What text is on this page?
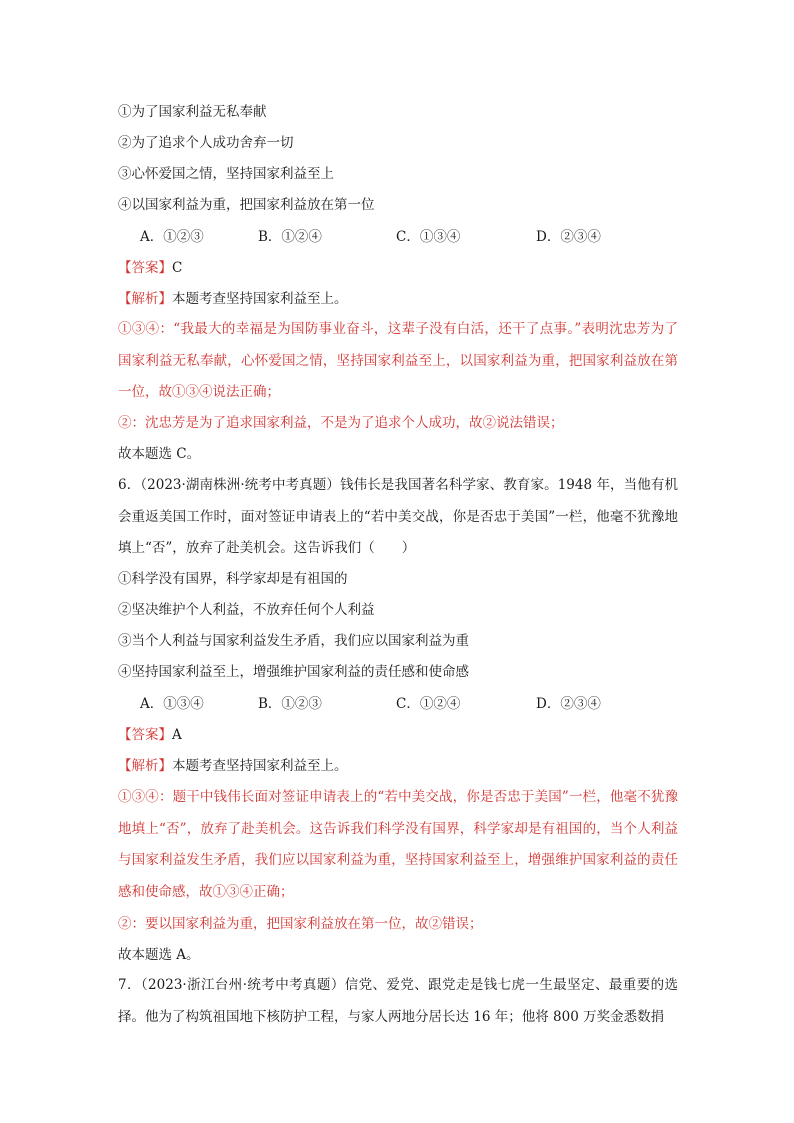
①为了国家利益无私奉献
②为了追求个人成功舍弃一切
③心怀爱国之情，坚持国家利益至上
④以国家利益为重，把国家利益放在第一位
A．①②③	B．①②④	C．①③④	D．②③④
【答案】C
【解析】本题考查坚持国家利益至上。
①③④：“我最大的幸福是为国防事业奋斗，这辈子没有白活，还干了点事。”表明沈忠芳为了国家利益无私奉献，心怀爱国之情，坚持国家利益至上，以国家利益为重，把国家利益放在第一位，故①③④说法正确；
②：沈忠芳是为了追求国家利益，不是为了追求个人成功，故②说法错误；
故本题选 C。
6．（2023·湖南株洲·统考中考真题）钱伟长是我国著名科学家、教育家。1948 年，当他有机会重返美国工作时，面对签证申请表上的“若中美交战，你是否忠于美国”一栏，他毫不犹豫地填上“否”，放弃了赴美机会。这告诉我们（　　）
①科学没有国界，科学家却是有祖国的
②坚决维护个人利益，不放弃任何个人利益
③当个人利益与国家利益发生矛盾，我们应以国家利益为重
④坚持国家利益至上，增强维护国家利益的责任感和使命感
A．①③④	B．①②③	C．①②④	D．②③④
【答案】A
【解析】本题考查坚持国家利益至上。
①③④：题干中钱伟长面对签证申请表上的“若中美交战，你是否忠于美国”一栏，他毫不犹豫地填上“否”，放弃了赴美机会。这告诉我们科学没有国界，科学家却是有祖国的，当个人利益与国家利益发生矛盾，我们应以国家利益为重，坚持国家利益至上，增强维护国家利益的责任感和使命感，故①③④正确；
②：要以国家利益为重，把国家利益放在第一位，故②错误；
故本题选 A。
7．（2023·浙江台州·统考中考真题）信党、爱党、跟党走是钱七虎一生最坚定、最重要的选择。他为了构筑祖国地下核防护工程，与家人两地分居长达 16 年；他将 800 万奖金悉数捐
